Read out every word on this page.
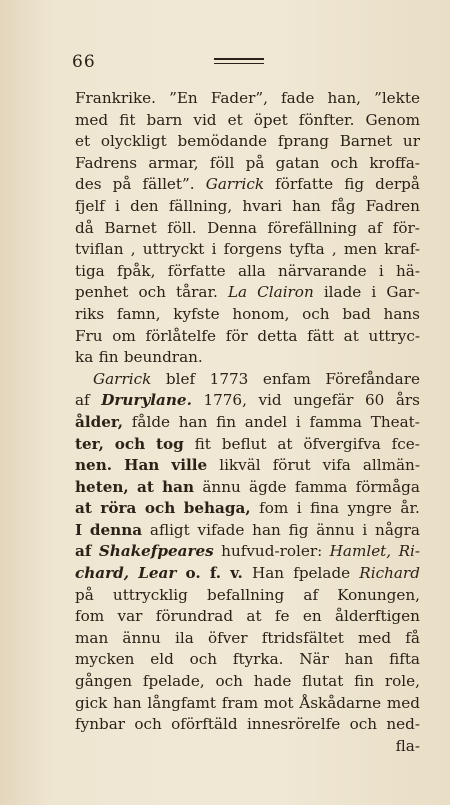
66
Frankrike. ”En Fader”, fade han, ”lekte
med fit barn vid et öpet fönfter. Genom
et olyckligt bemödande fprang Barnet ur
Fadrens armar, föll på gatan och kroffa-
des på fället”. Garrick författe fig derpå
fjelf i den fällning, hvari han fåg Fadren
då Barnet föll. Denna förefällning af för-
tviflan , uttryckt i forgens tyfta , men kraf-
tiga fpåk, författe alla närvarande i hä-
penhet och tårar. La Clairon ilade i Gar-
riks famn, kyfste honom, och bad hans
Fru om förlåtelfe för detta fätt at uttryc-
ka fin beundran.
Garrick blef 1773 enfam Förefåndare
af Drurylane. 1776, vid ungefär 60 års
ålder, fålde han fin andel i famma Theat-
ter, och tog fit beflut at öfvergifva fce-
nen. Han ville likväl förut vifa allmän-
heten, at han ännu ägde famma förmåga
at röra och behaga, fom i fina yngre år.
I denna afligt vifade han fig ännu i några
af Shakefpeares hufvud-roler: Hamlet, Ri-
chard, Lear o. f. v. Han fpelade Richard
på uttrycklig befallning af Konungen,
fom var förundrad at fe en ålderftigen
man ännu ila öfver ftridsfältet med få
mycken eld och ftyrka. När han fifta
gången fpelade, och hade flutat fin role,
gick han långfamt fram mot Åskådarne med
fynbar och oförftäld innesrörelfe och ned-
fla-
